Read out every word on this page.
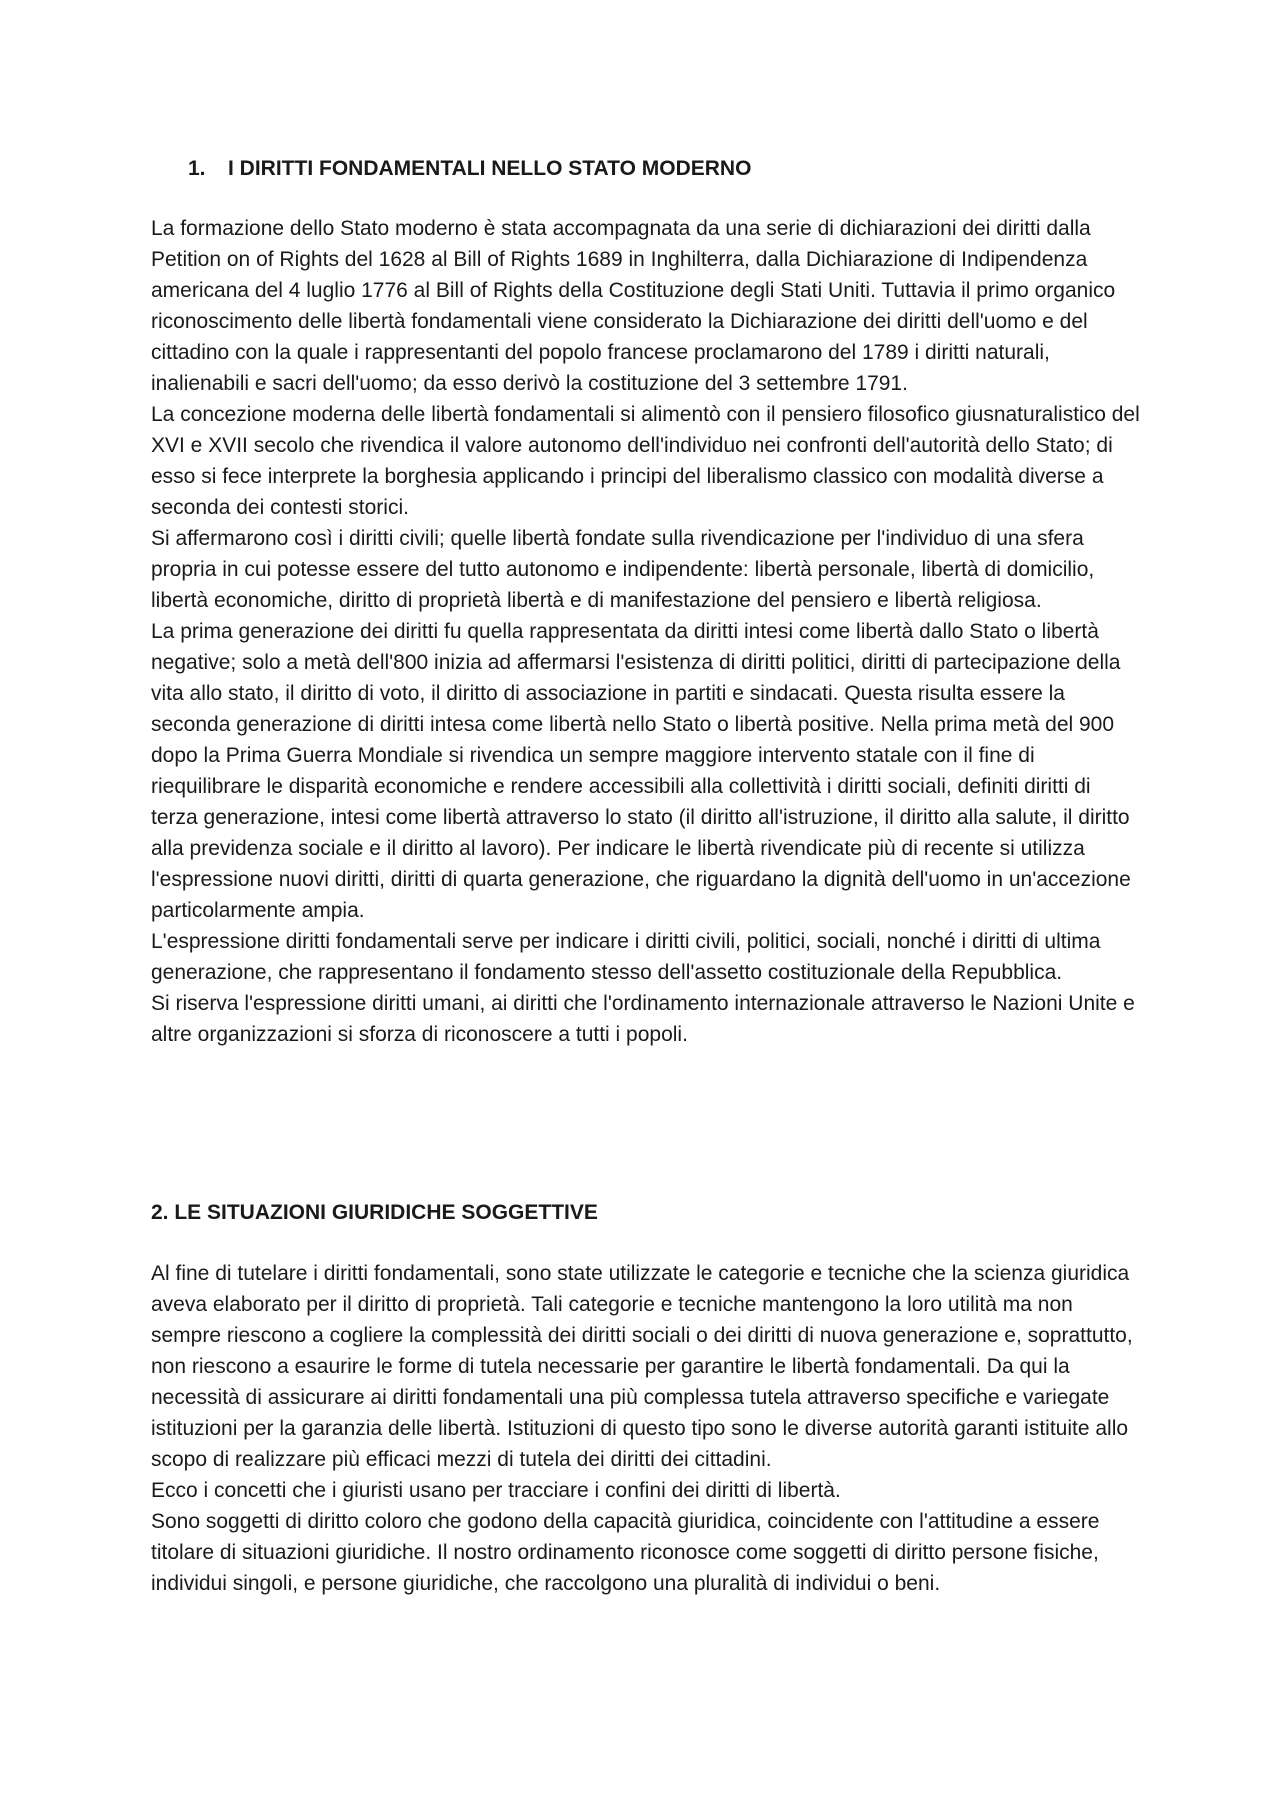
1. I DIRITTI FONDAMENTALI NELLO STATO MODERNO

La formazione dello Stato moderno è stata accompagnata da una serie di dichiarazioni dei diritti dalla Petition on of Rights del 1628 al Bill of Rights 1689 in Inghilterra, dalla Dichiarazione di Indipendenza americana del 4 luglio 1776 al Bill of Rights della Costituzione degli Stati Uniti. Tuttavia il primo organico riconoscimento delle libertà fondamentali viene considerato la Dichiarazione dei diritti dell'uomo e del cittadino con la quale i rappresentanti del popolo francese proclamarono del 1789 i diritti naturali, inalienabili e sacri dell'uomo; da esso derivò la costituzione del 3 settembre 1791.

La concezione moderna delle libertà fondamentali si alimentò con il pensiero filosofico giusnaturalistico del XVI e XVII secolo che rivendica il valore autonomo dell'individuo nei confronti dell'autorità dello Stato; di esso si fece interprete la borghesia applicando i principi del liberalismo classico con modalità diverse a seconda dei contesti storici.

Si affermarono così i diritti civili; quelle libertà fondate sulla rivendicazione per l'individuo di una sfera propria in cui potesse essere del tutto autonomo e indipendente: libertà personale, libertà di domicilio, libertà economiche, diritto di proprietà libertà e di manifestazione del pensiero e libertà religiosa.

La prima generazione dei diritti fu quella rappresentata da diritti intesi come libertà dallo Stato o libertà negative; solo a metà dell'800 inizia ad affermarsi l'esistenza di diritti politici, diritti di partecipazione della vita allo stato, il diritto di voto, il diritto di associazione in partiti e sindacati. Questa risulta essere la seconda generazione di diritti intesa come libertà nello Stato o libertà positive. Nella prima metà del 900 dopo la Prima Guerra Mondiale si rivendica un sempre maggiore intervento statale con il fine di riequilibrare le disparità economiche e rendere accessibili alla collettività i diritti sociali, definiti diritti di terza generazione, intesi come libertà attraverso lo stato (il diritto all'istruzione, il diritto alla salute, il diritto alla previdenza sociale e il diritto al lavoro). Per indicare le libertà rivendicate più di recente si utilizza l'espressione nuovi diritti, diritti di quarta generazione, che riguardano la dignità dell'uomo in un'accezione particolarmente ampia.

L'espressione diritti fondamentali serve per indicare i diritti civili, politici, sociali, nonché i diritti di ultima generazione, che rappresentano il fondamento stesso dell'assetto costituzionale della Repubblica.

Si riserva l'espressione diritti umani, ai diritti che l'ordinamento internazionale attraverso le Nazioni Unite e altre organizzazioni si sforza di riconoscere a tutti i popoli.

2. LE SITUAZIONI GIURIDICHE SOGGETTIVE

Al fine di tutelare i diritti fondamentali, sono state utilizzate le categorie e tecniche che la scienza giuridica aveva elaborato per il diritto di proprietà. Tali categorie e tecniche mantengono la loro utilità ma non sempre riescono a cogliere la complessità dei diritti sociali o dei diritti di nuova generazione e, soprattutto, non riescono a esaurire le forme di tutela necessarie per garantire le libertà fondamentali. Da qui la necessità di assicurare ai diritti fondamentali una più complessa tutela attraverso specifiche e variegate istituzioni per la garanzia delle libertà. Istituzioni di questo tipo sono le diverse autorità garanti istituite allo scopo di realizzare più efficaci mezzi di tutela dei diritti dei cittadini.

Ecco i concetti che i giuristi usano per tracciare i confini dei diritti di libertà.

Sono soggetti di diritto coloro che godono della capacità giuridica, coincidente con l'attitudine a essere titolare di situazioni giuridiche. Il nostro ordinamento riconosce come soggetti di diritto persone fisiche, individui singoli, e persone giuridiche, che raccolgono una pluralità di individui o beni.
